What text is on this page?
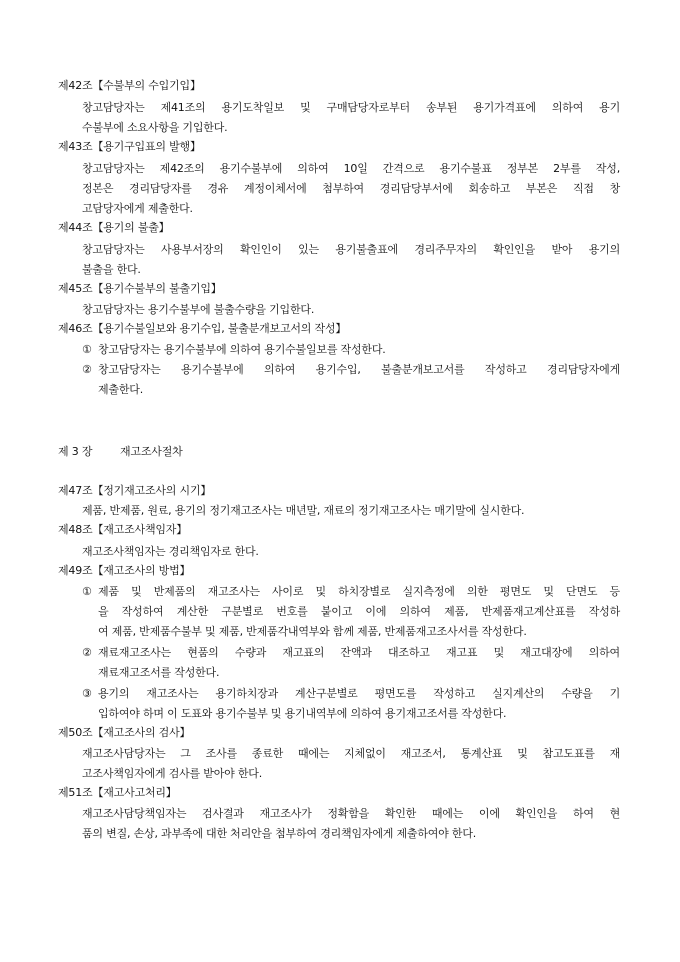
제42조【수불부의 수입기입】
창고담당자는 제41조의 용기도착일보 및 구매담당자로부터 송부된 용기가격표에 의하여 용기
수불부에 소요사항을 기입한다.
제43조【용기구입표의 발행】
창고담당자는 제42조의 용기수불부에 의하여 10일 간격으로 용기수불표 정부본 2부를 작성,
정본은 경리담당자를 경유 계정이체서에 첨부하여 경리담당부서에 회송하고 부본은 직접 창
고담당자에게 제출한다.
제44조【용기의 불출】
창고담당자는 사용부서장의 확인인이 있는 용기불출표에 경리주무자의 확인인을 받아 용기의
불출을 한다.
제45조【용기수불부의 불출기입】
창고담당자는 용기수불부에 불출수량을 기입한다.
제46조【용기수불일보와 용기수입, 불출분개보고서의 작성】
① 창고담당자는 용기수불부에 의하여 용기수불일보를 작성한다.
② 창고담당자는 용기수불부에 의하여 용기수입, 불출분개보고서를 작성하고 경리담당자에게
제출한다.
제 3 장	재고조사절차
제47조【정기재고조사의 시기】
제품, 반제품, 원료, 용기의 정기재고조사는 매년말, 재료의 정기재고조사는 매기말에 실시한다.
제48조【재고조사책임자】
재고조사책임자는 경리책임자로 한다.
제49조【재고조사의 방법】
① 제품 및 반제품의 재고조사는 사이로 및 하치장별로 실지측정에 의한 평면도 및 단면도 등
을 작성하여 계산한 구분별로 번호를 붙이고 이에 의하여 제품, 반제품재고계산표를 작성하
여 제품, 반제품수불부 및 제품, 반제품각내역부와 함께 제품, 반제품재고조사서를 작성한다.
② 재료재고조사는 현품의 수량과 재고표의 잔액과 대조하고 재고표 및 재고대장에 의하여
재료재고조서를 작성한다.
③ 용기의 재고조사는 용기하치장과 계산구분별로 평면도를 작성하고 실지계산의 수량을 기
입하여야 하며 이 도표와 용기수불부 및 용기내역부에 의하여 용기재고조서를 작성한다.
제50조【재고조사의 검사】
재고조사담당자는 그 조사를 종료한 때에는 지체없이 재고조서, 통계산표 및 참고도표를 재
고조사책임자에게 검사를 받아야 한다.
제51조【재고사고처리】
재고조사담당책임자는 검사결과 재고조사가 정확함을 확인한 때에는 이에 확인인을 하여 현
품의 변질, 손상, 과부족에 대한 처리안을 첨부하여 경리책임자에게 제출하여야 한다.
